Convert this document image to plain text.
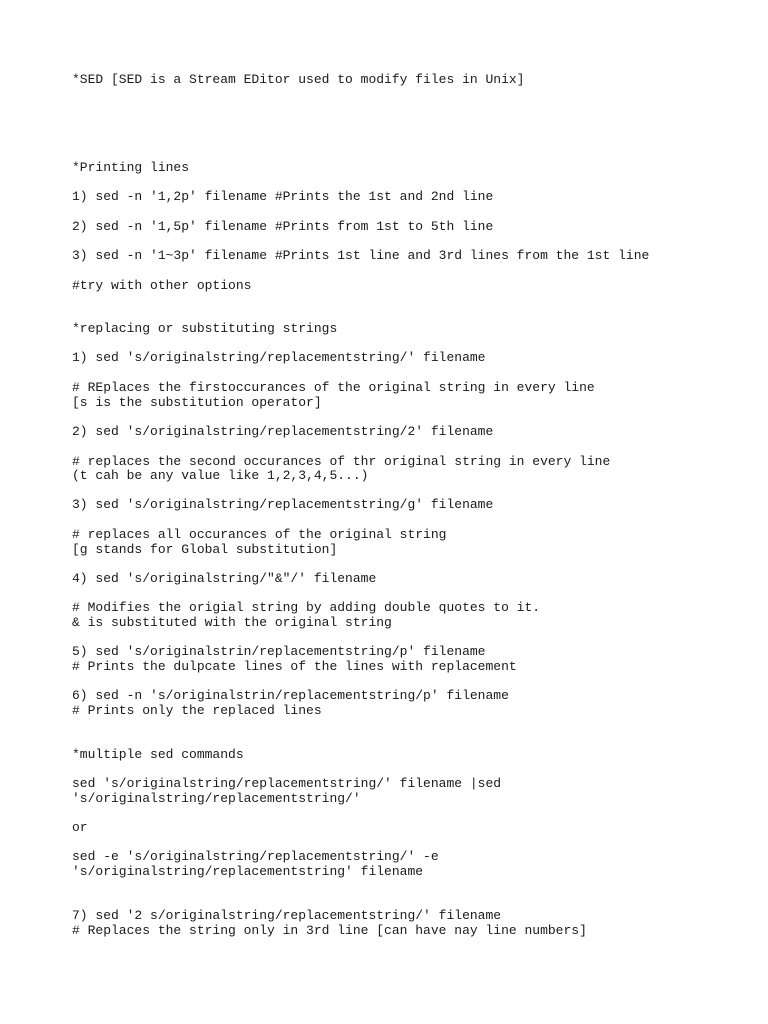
*SED [SED is a Stream EDitor used to modify files in Unix]

*Printing lines

1) sed -n '1,2p' filename #Prints the 1st and 2nd line

2) sed -n '1,5p' filename #Prints from 1st to 5th line

3) sed -n '1~3p' filename #Prints 1st line and 3rd lines from the 1st line

#try with other options

*replacing or substituting strings

1) sed 's/originalstring/replacementstring/' filename

# REplaces the firstoccurances of the original string in every line

[s is the substitution operator]

2) sed 's/originalstring/replacementstring/2' filename

# replaces the second occurances of thr original string in every line

(t cah be any value like 1,2,3,4,5...)

3) sed 's/originalstring/replacementstring/g' filename

# replaces all occurances of the original string

[g stands for Global substitution]

4) sed 's/originalstring/"&"/' filename

# Modifies the origial string by adding double quotes to it.

& is substituted with the original string

5) sed 's/originalstrin/replacementstring/p' filename

# Prints the dulpcate lines of the lines with replacement

6) sed -n 's/originalstrin/replacementstring/p' filename

# Prints only the replaced lines

*multiple sed commands

sed 's/originalstring/replacementstring/' filename |sed

's/originalstring/replacementstring/'

or

sed -e 's/originalstring/replacementstring/' -e

's/originalstring/replacementstring' filename

7) sed '2 s/originalstring/replacementstring/' filename

# Replaces the string only in 3rd line [can have nay line numbers]
